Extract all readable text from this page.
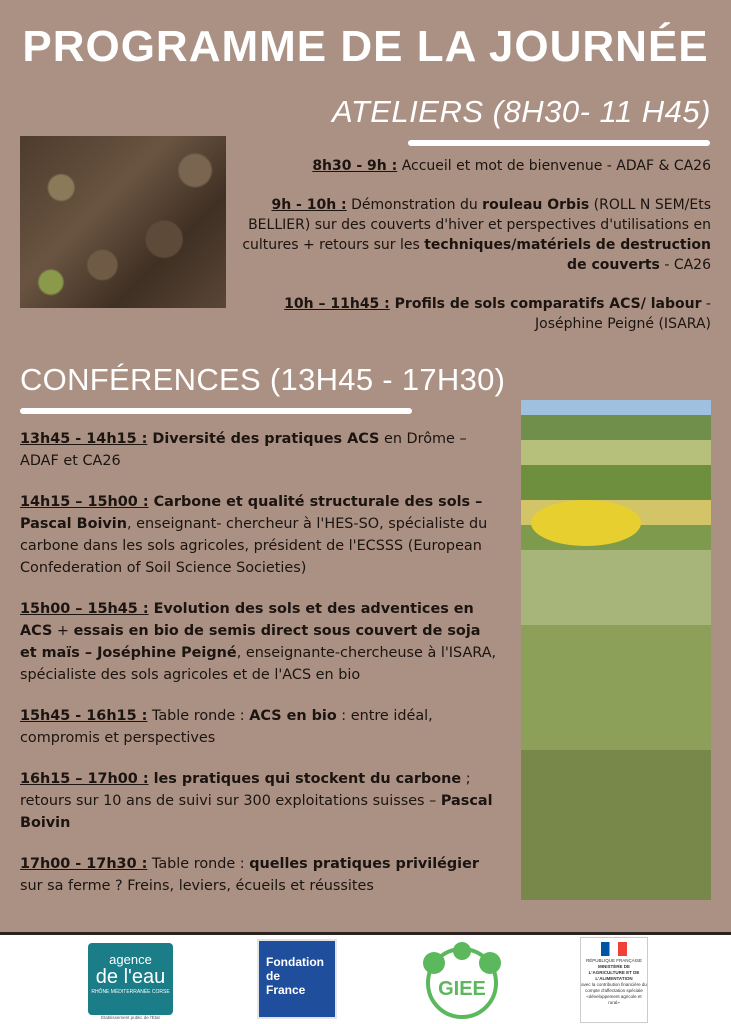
PROGRAMME DE LA JOURNÉE
ATELIERS (8H30- 11 H45)

8h30 - 9h : Accueil et mot de bienvenue - ADAF & CA26

9h - 10h : Démonstration du rouleau Orbis (ROLL N SEM/Ets BELLIER) sur des couverts d'hiver et perspectives d'utilisations en cultures + retours sur les techniques/matériels de destruction de couverts - CA26

10h – 11h45 : Profils de sols comparatifs ACS/ labour - Joséphine Peigné (ISARA)

CONFÉRENCES (13H45 - 17H30)

13h45 - 14h15 : Diversité des pratiques ACS en Drôme – ADAF et CA26

14h15 – 15h00 : Carbone et qualité structurale des sols – Pascal Boivin, enseignant- chercheur à l'HES-SO, spécialiste du carbone dans les sols agricoles, président de l'ECSSS (European Confederation of Soil Science Societies)

15h00 – 15h45 : Evolution des sols et des adventices en ACS + essais en bio de semis direct sous couvert de soja et maïs – Joséphine Peigné, enseignante-chercheuse à l'ISARA, spécialiste des sols agricoles et de l'ACS en bio

15h45 - 16h15 : Table ronde : ACS en bio : entre idéal, compromis et perspectives

16h15 – 17h00 : les pratiques qui stockent du carbone ; retours sur 10 ans de suivi sur 300 exploitations suisses – Pascal Boivin

17h00 - 17h30 : Table ronde : quelles pratiques privilégier sur sa ferme ? Freins, leviers, écueils et réussites

agence
de l'eau
RHÔNE MÉDITERRANÉE CORSE
Établissement public de l'État
Fondation
de
France	GIEE
RÉPUBLIQUE FRANÇAISE
MINISTÈRE DE L'AGRICULTURE ET DE L'ALIMENTATION
avec la contribution financière du compte d'affectation spéciale «développement agricole et rural»
